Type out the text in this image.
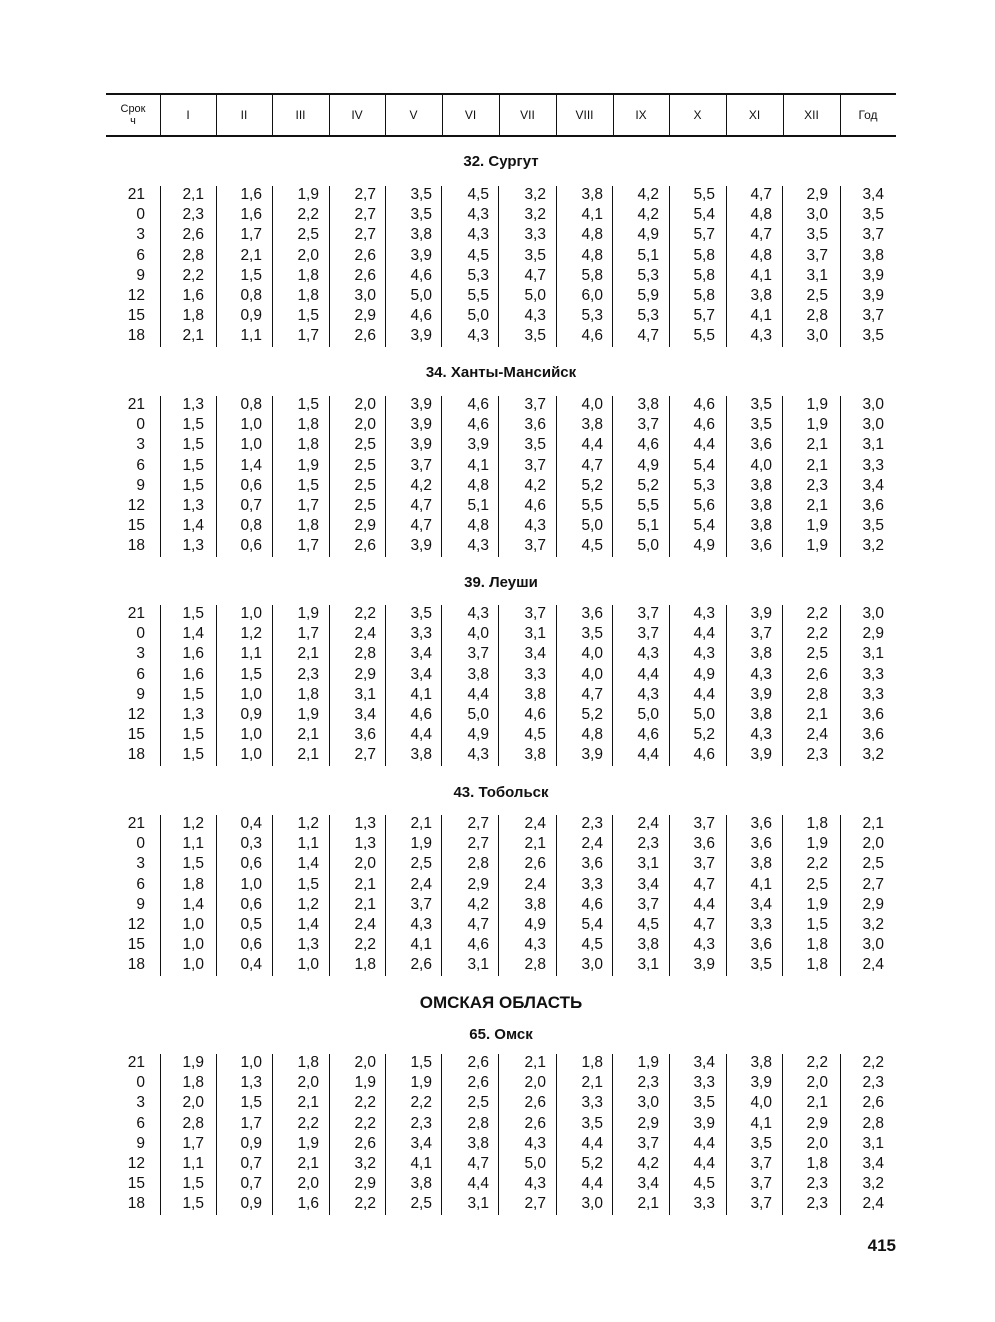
Срок
ч	I	II	III	IV	V	VI	VII	VIII	IX	X	XI	XII	Год
32. Сургут
21	2,1	1,6	1,9	2,7	3,5	4,5	3,2	3,8	4,2	5,5	4,7	2,9	3,4
0	2,3	1,6	2,2	2,7	3,5	4,3	3,2	4,1	4,2	5,4	4,8	3,0	3,5
3	2,6	1,7	2,5	2,7	3,8	4,3	3,3	4,8	4,9	5,7	4,7	3,5	3,7
6	2,8	2,1	2,0	2,6	3,9	4,5	3,5	4,8	5,1	5,8	4,8	3,7	3,8
9	2,2	1,5	1,8	2,6	4,6	5,3	4,7	5,8	5,3	5,8	4,1	3,1	3,9
12	1,6	0,8	1,8	3,0	5,0	5,5	5,0	6,0	5,9	5,8	3,8	2,5	3,9
15	1,8	0,9	1,5	2,9	4,6	5,0	4,3	5,3	5,3	5,7	4,1	2,8	3,7
18	2,1	1,1	1,7	2,6	3,9	4,3	3,5	4,6	4,7	5,5	4,3	3,0	3,5
34. Ханты-Мансийск
21	1,3	0,8	1,5	2,0	3,9	4,6	3,7	4,0	3,8	4,6	3,5	1,9	3,0
0	1,5	1,0	1,8	2,0	3,9	4,6	3,6	3,8	3,7	4,6	3,5	1,9	3,0
3	1,5	1,0	1,8	2,5	3,9	3,9	3,5	4,4	4,6	4,4	3,6	2,1	3,1
6	1,5	1,4	1,9	2,5	3,7	4,1	3,7	4,7	4,9	5,4	4,0	2,1	3,3
9	1,5	0,6	1,5	2,5	4,2	4,8	4,2	5,2	5,2	5,3	3,8	2,3	3,4
12	1,3	0,7	1,7	2,5	4,7	5,1	4,6	5,5	5,5	5,6	3,8	2,1	3,6
15	1,4	0,8	1,8	2,9	4,7	4,8	4,3	5,0	5,1	5,4	3,8	1,9	3,5
18	1,3	0,6	1,7	2,6	3,9	4,3	3,7	4,5	5,0	4,9	3,6	1,9	3,2
39. Леуши
21	1,5	1,0	1,9	2,2	3,5	4,3	3,7	3,6	3,7	4,3	3,9	2,2	3,0
0	1,4	1,2	1,7	2,4	3,3	4,0	3,1	3,5	3,7	4,4	3,7	2,2	2,9
3	1,6	1,1	2,1	2,8	3,4	3,7	3,4	4,0	4,3	4,3	3,8	2,5	3,1
6	1,6	1,5	2,3	2,9	3,4	3,8	3,3	4,0	4,4	4,9	4,3	2,6	3,3
9	1,5	1,0	1,8	3,1	4,1	4,4	3,8	4,7	4,3	4,4	3,9	2,8	3,3
12	1,3	0,9	1,9	3,4	4,6	5,0	4,6	5,2	5,0	5,0	3,8	2,1	3,6
15	1,5	1,0	2,1	3,6	4,4	4,9	4,5	4,8	4,6	5,2	4,3	2,4	3,6
18	1,5	1,0	2,1	2,7	3,8	4,3	3,8	3,9	4,4	4,6	3,9	2,3	3,2
43. Тобольск
21	1,2	0,4	1,2	1,3	2,1	2,7	2,4	2,3	2,4	3,7	3,6	1,8	2,1
0	1,1	0,3	1,1	1,3	1,9	2,7	2,1	2,4	2,3	3,6	3,6	1,9	2,0
3	1,5	0,6	1,4	2,0	2,5	2,8	2,6	3,6	3,1	3,7	3,8	2,2	2,5
6	1,8	1,0	1,5	2,1	2,4	2,9	2,4	3,3	3,4	4,7	4,1	2,5	2,7
9	1,4	0,6	1,2	2,1	3,7	4,2	3,8	4,6	3,7	4,4	3,4	1,9	2,9
12	1,0	0,5	1,4	2,4	4,3	4,7	4,9	5,4	4,5	4,7	3,3	1,5	3,2
15	1,0	0,6	1,3	2,2	4,1	4,6	4,3	4,5	3,8	4,3	3,6	1,8	3,0
18	1,0	0,4	1,0	1,8	2,6	3,1	2,8	3,0	3,1	3,9	3,5	1,8	2,4
ОМСКАЯ ОБЛАСТЬ
65. Омск
21	1,9	1,0	1,8	2,0	1,5	2,6	2,1	1,8	1,9	3,4	3,8	2,2	2,2
0	1,8	1,3	2,0	1,9	1,9	2,6	2,0	2,1	2,3	3,3	3,9	2,0	2,3
3	2,0	1,5	2,1	2,2	2,2	2,5	2,6	3,3	3,0	3,5	4,0	2,1	2,6
6	2,8	1,7	2,2	2,2	2,3	2,8	2,6	3,5	2,9	3,9	4,1	2,9	2,8
9	1,7	0,9	1,9	2,6	3,4	3,8	4,3	4,4	3,7	4,4	3,5	2,0	3,1
12	1,1	0,7	2,1	3,2	4,1	4,7	5,0	5,2	4,2	4,4	3,7	1,8	3,4
15	1,5	0,7	2,0	2,9	3,8	4,4	4,3	4,4	3,4	4,5	3,7	2,3	3,2
18	1,5	0,9	1,6	2,2	2,5	3,1	2,7	3,0	2,1	3,3	3,7	2,3	2,4
415
